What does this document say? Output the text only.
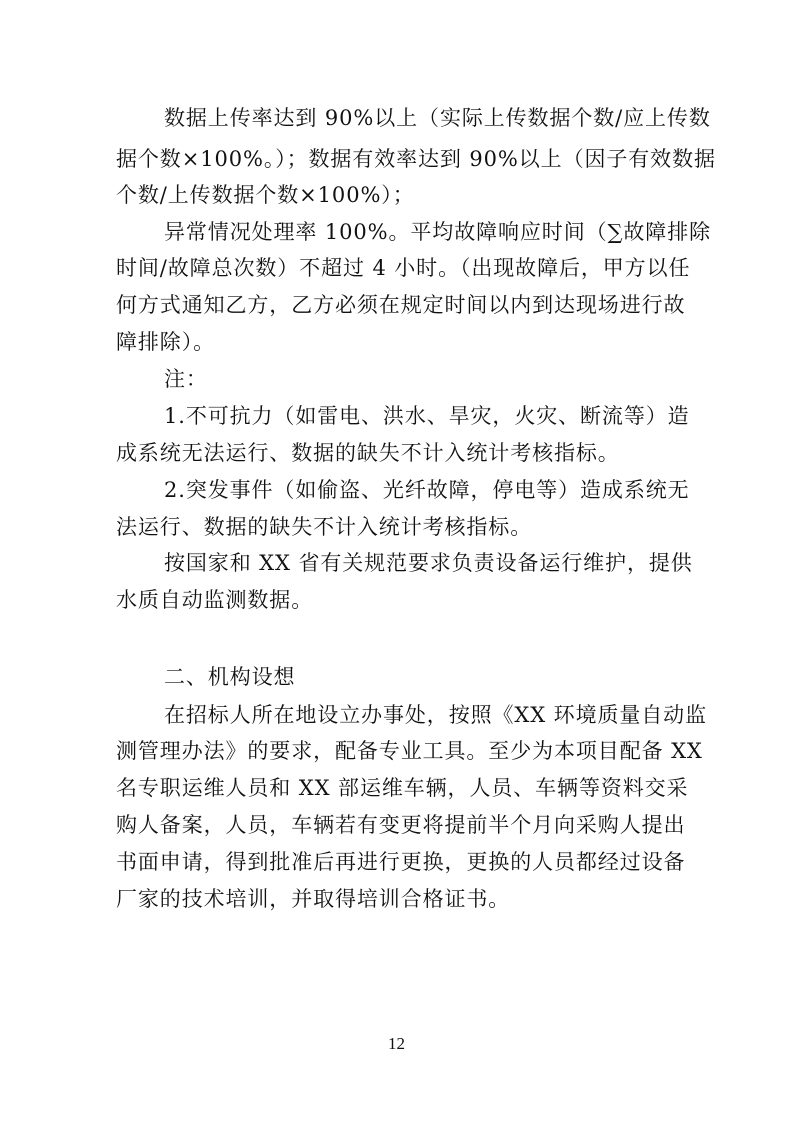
数据上传率达到 90%以上（实际上传数据个数/应上传数
据个数×100%。）；数据有效率达到 90%以上（因子有效数据
个数/上传数据个数×100%）；
异常情况处理率 100%。平均故障响应时间（∑故障排除
时间/故障总次数）不超过 4 小时。（出现故障后，甲方以任
何方式通知乙方，乙方必须在规定时间以内到达现场进行故
障排除）。
注：
1.不可抗力（如雷电、洪水、旱灾，火灾、断流等）造
成系统无法运行、数据的缺失不计入统计考核指标。
2.突发事件（如偷盗、光纤故障，停电等）造成系统无
法运行、数据的缺失不计入统计考核指标。
按国家和 XX 省有关规范要求负责设备运行维护，提供
水质自动监测数据。
二、机构设想
在招标人所在地设立办事处，按照《XX 环境质量自动监
测管理办法》的要求，配备专业工具。至少为本项目配备 XX
名专职运维人员和 XX 部运维车辆，人员、车辆等资料交采
购人备案，人员，车辆若有变更将提前半个月向采购人提出
书面申请，得到批准后再进行更换，更换的人员都经过设备
厂家的技术培训，并取得培训合格证书。
12
